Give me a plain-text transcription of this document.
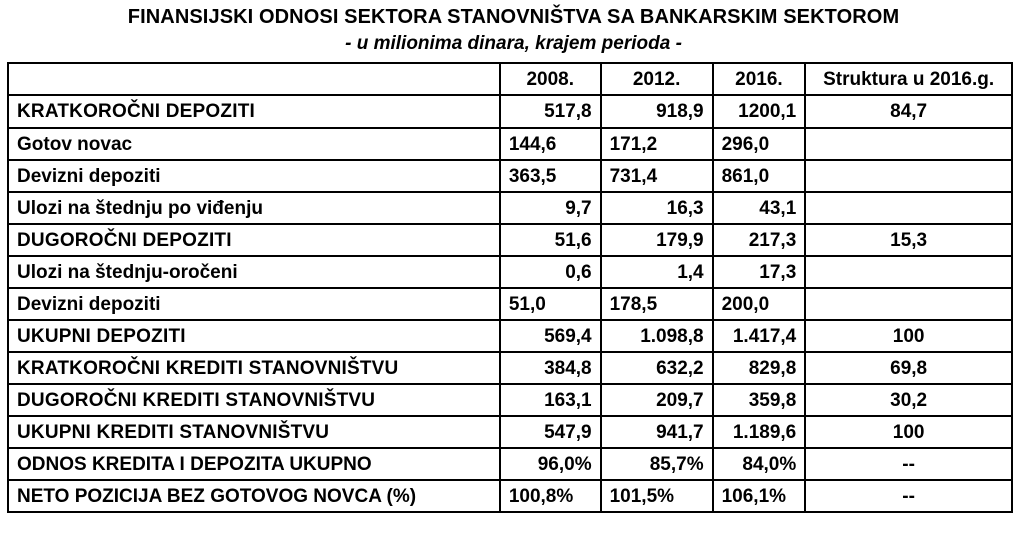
FINANSIJSKI ODNOSI SEKTORA STANOVNIŠTVA SA BANKARSKIM SEKTOROM
- u milionima dinara, krajem perioda -
	2008.	2012.	2016.	Struktura u 2016.g.
KRATKOROČNI DEPOZITI	517,8	918,9	1200,1	84,7
Gotov novac	144,6	171,2	296,0	
Devizni depoziti	363,5	731,4	861,0	
Ulozi na štednju po viđenju	9,7	16,3	43,1	
DUGOROČNI DEPOZITI	51,6	179,9	217,3	15,3
Ulozi na štednju-oročeni	0,6	1,4	17,3	
Devizni depoziti	51,0	178,5	200,0	
UKUPNI DEPOZITI	569,4	1.098,8	1.417,4	100
KRATKOROČNI KREDITI STANOVNIŠTVU	384,8	632,2	829,8	69,8
DUGOROČNI KREDITI STANOVNIŠTVU	163,1	209,7	359,8	30,2
UKUPNI KREDITI STANOVNIŠTVU	547,9	941,7	1.189,6	100
ODNOS KREDITA I DEPOZITA UKUPNO	96,0%	85,7%	84,0%	--
NETO POZICIJA BEZ GOTOVOG NOVCA (%)	100,8%	101,5%	106,1%	--
